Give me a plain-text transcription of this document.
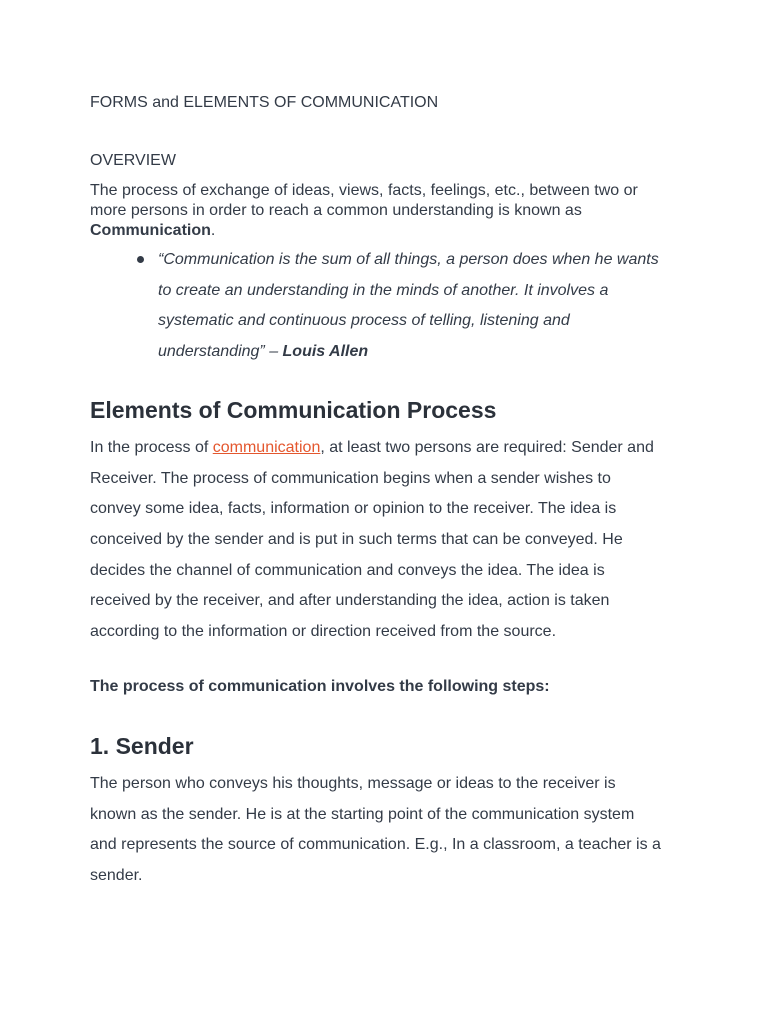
FORMS and ELEMENTS OF COMMUNICATION
OVERVIEW
The process of exchange of ideas, views, facts, feelings, etc., between two or
more persons in order to reach a common understanding is known as
Communication.
“Communication is the sum of all things, a person does when he wants
to create an understanding in the minds of another. It involves a
systematic and continuous process of telling, listening and
understanding” – Louis Allen
Elements of Communication Process
In the process of communication, at least two persons are required: Sender and
Receiver. The process of communication begins when a sender wishes to
convey some idea, facts, information or opinion to the receiver. The idea is
conceived by the sender and is put in such terms that can be conveyed. He
decides the channel of communication and conveys the idea. The idea is
received by the receiver, and after understanding the idea, action is taken
according to the information or direction received from the source.
The process of communication involves the following steps:
1. Sender
The person who conveys his thoughts, message or ideas to the receiver is
known as the sender. He is at the starting point of the communication system
and represents the source of communication. E.g., In a classroom, a teacher is a
sender.
